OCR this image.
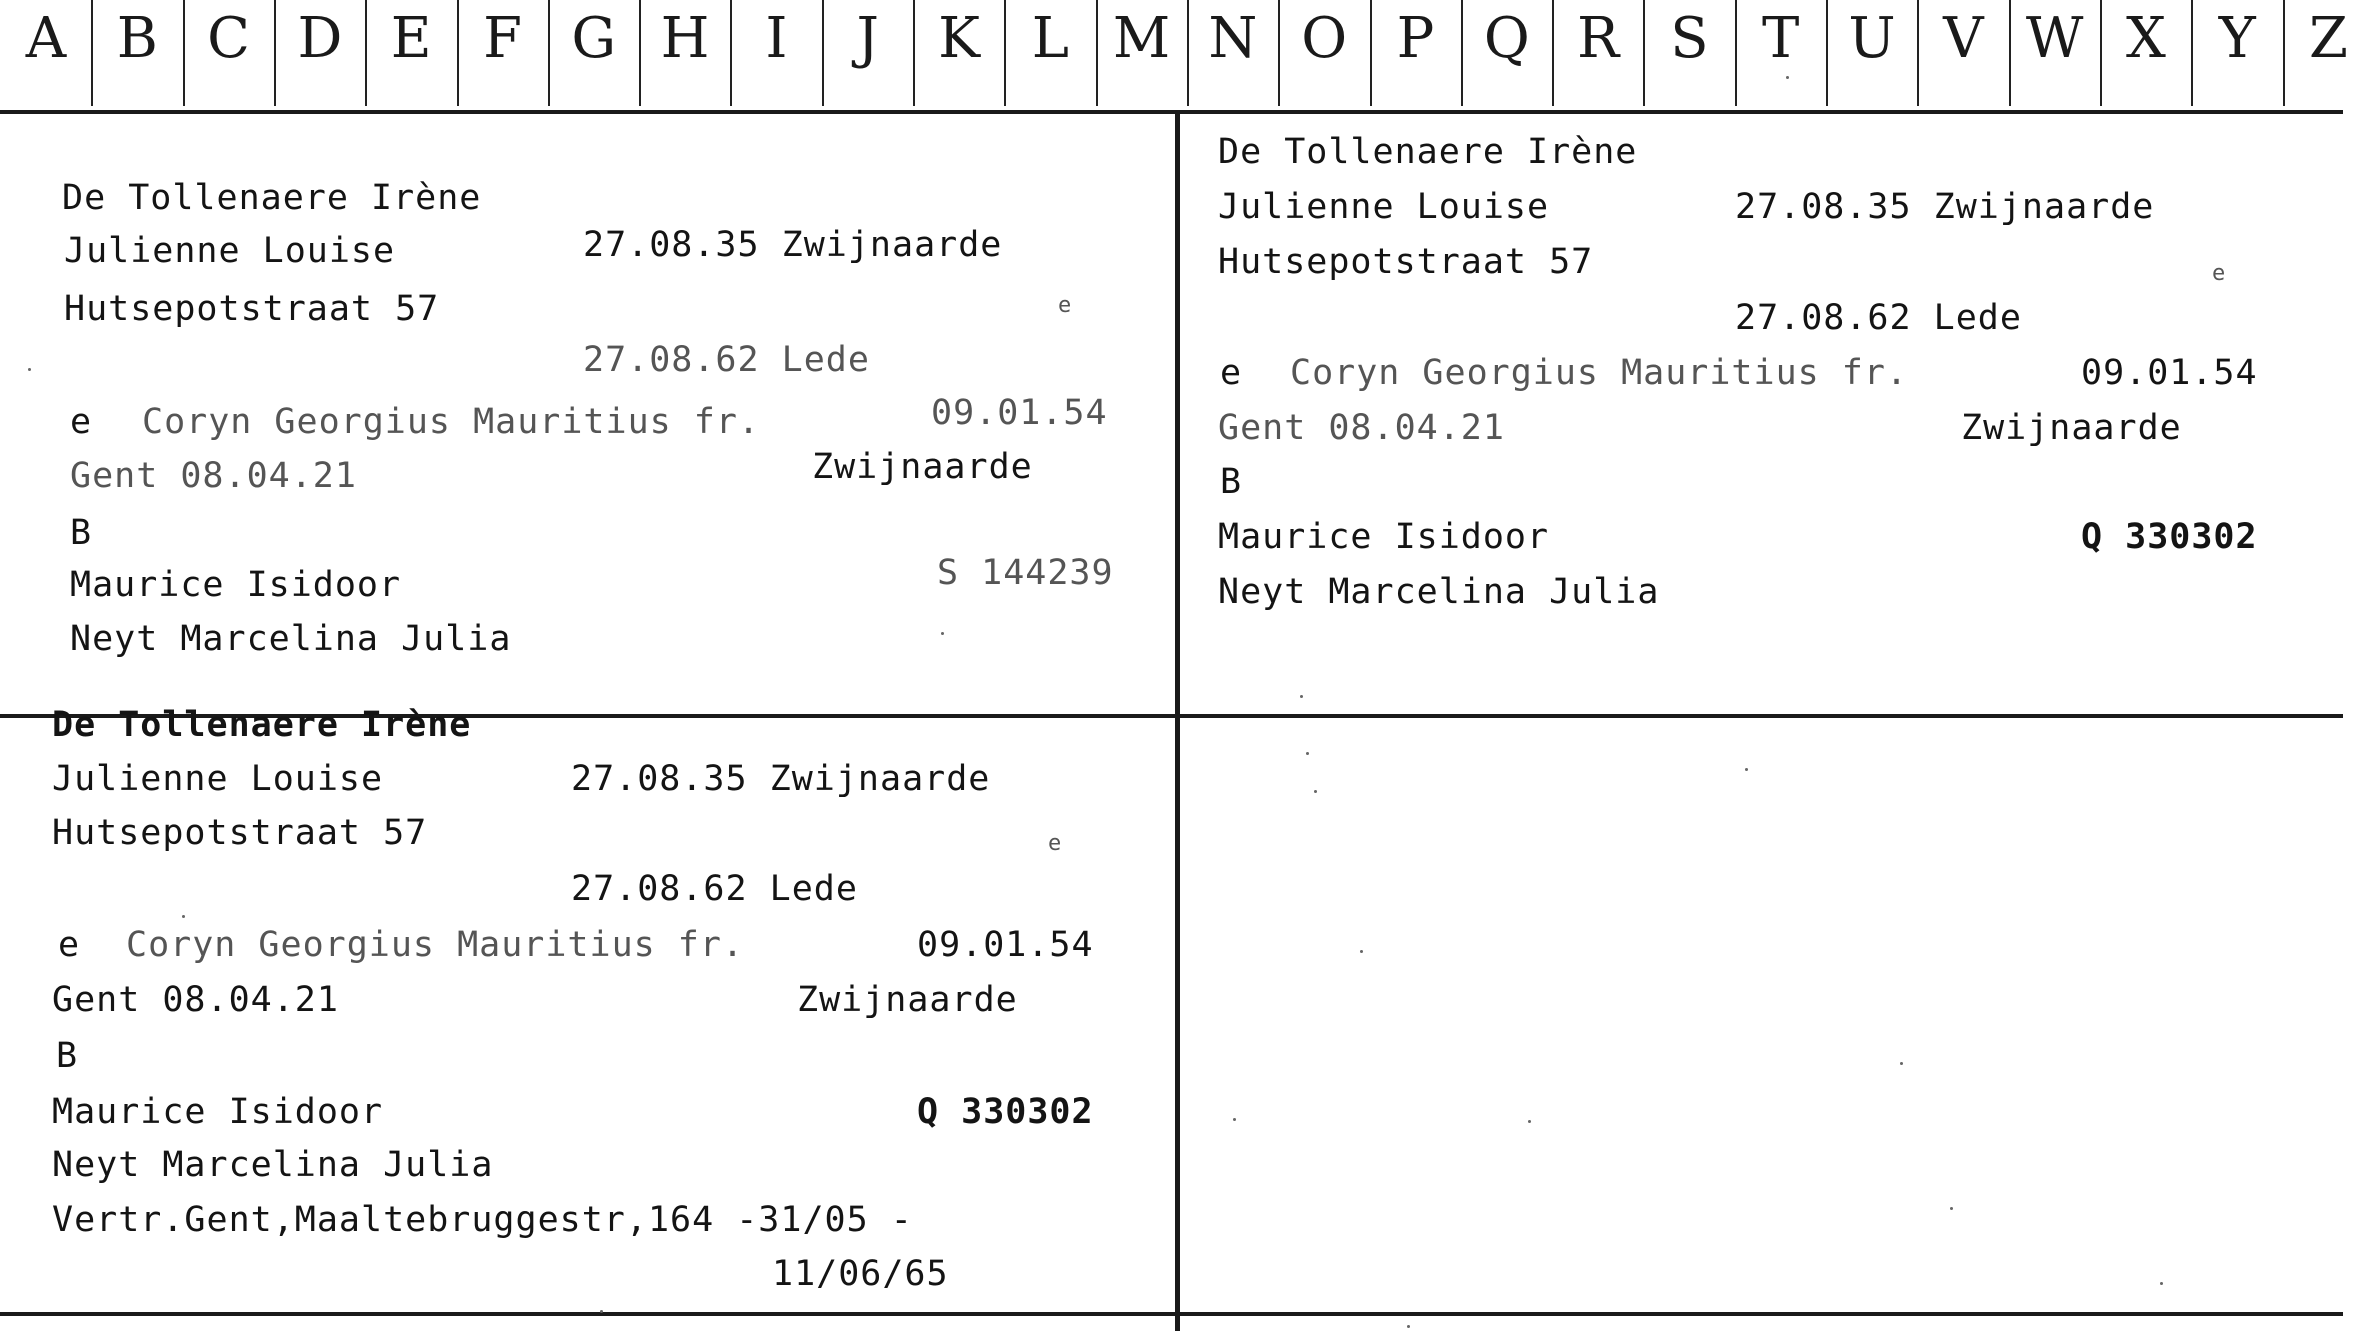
A B C D E F G H I	J	K L M N O P Q R S T U V W X Y Z
De Tollenaere Irène
Julienne Louise	27.08.35 Zwijnaarde
Hutsepotstraat 57	e
27.08.62 Lede
e Coryn Georgius Mauritius fr.	09.01.54
Gent 08.04.21	Zwijnaarde
B
Maurice Isidoor	S 144239
Neyt Marcelina Julia
De Tollenaere Irène
Julienne Louise	27.08.35 Zwijnaarde
Hutsepotstraat 57	e
27.08.62 Lede
e Coryn Georgius Mauritius fr.	09.01.54
Gent 08.04.21	Zwijnaarde
B
Maurice Isidoor	Q 330302
Neyt Marcelina Julia
De Tollenaere Irène
Julienne Louise	27.08.35 Zwijnaarde
Hutsepotstraat 57	e
27.08.62 Lede
e Coryn Georgius Mauritius fr.	09.01.54
Gent 08.04.21	Zwijnaarde
B
Maurice Isidoor	Q 330302
Neyt Marcelina Julia
Vertr.Gent,Maaltebruggestr,164 -31/05 -
11/06/65
